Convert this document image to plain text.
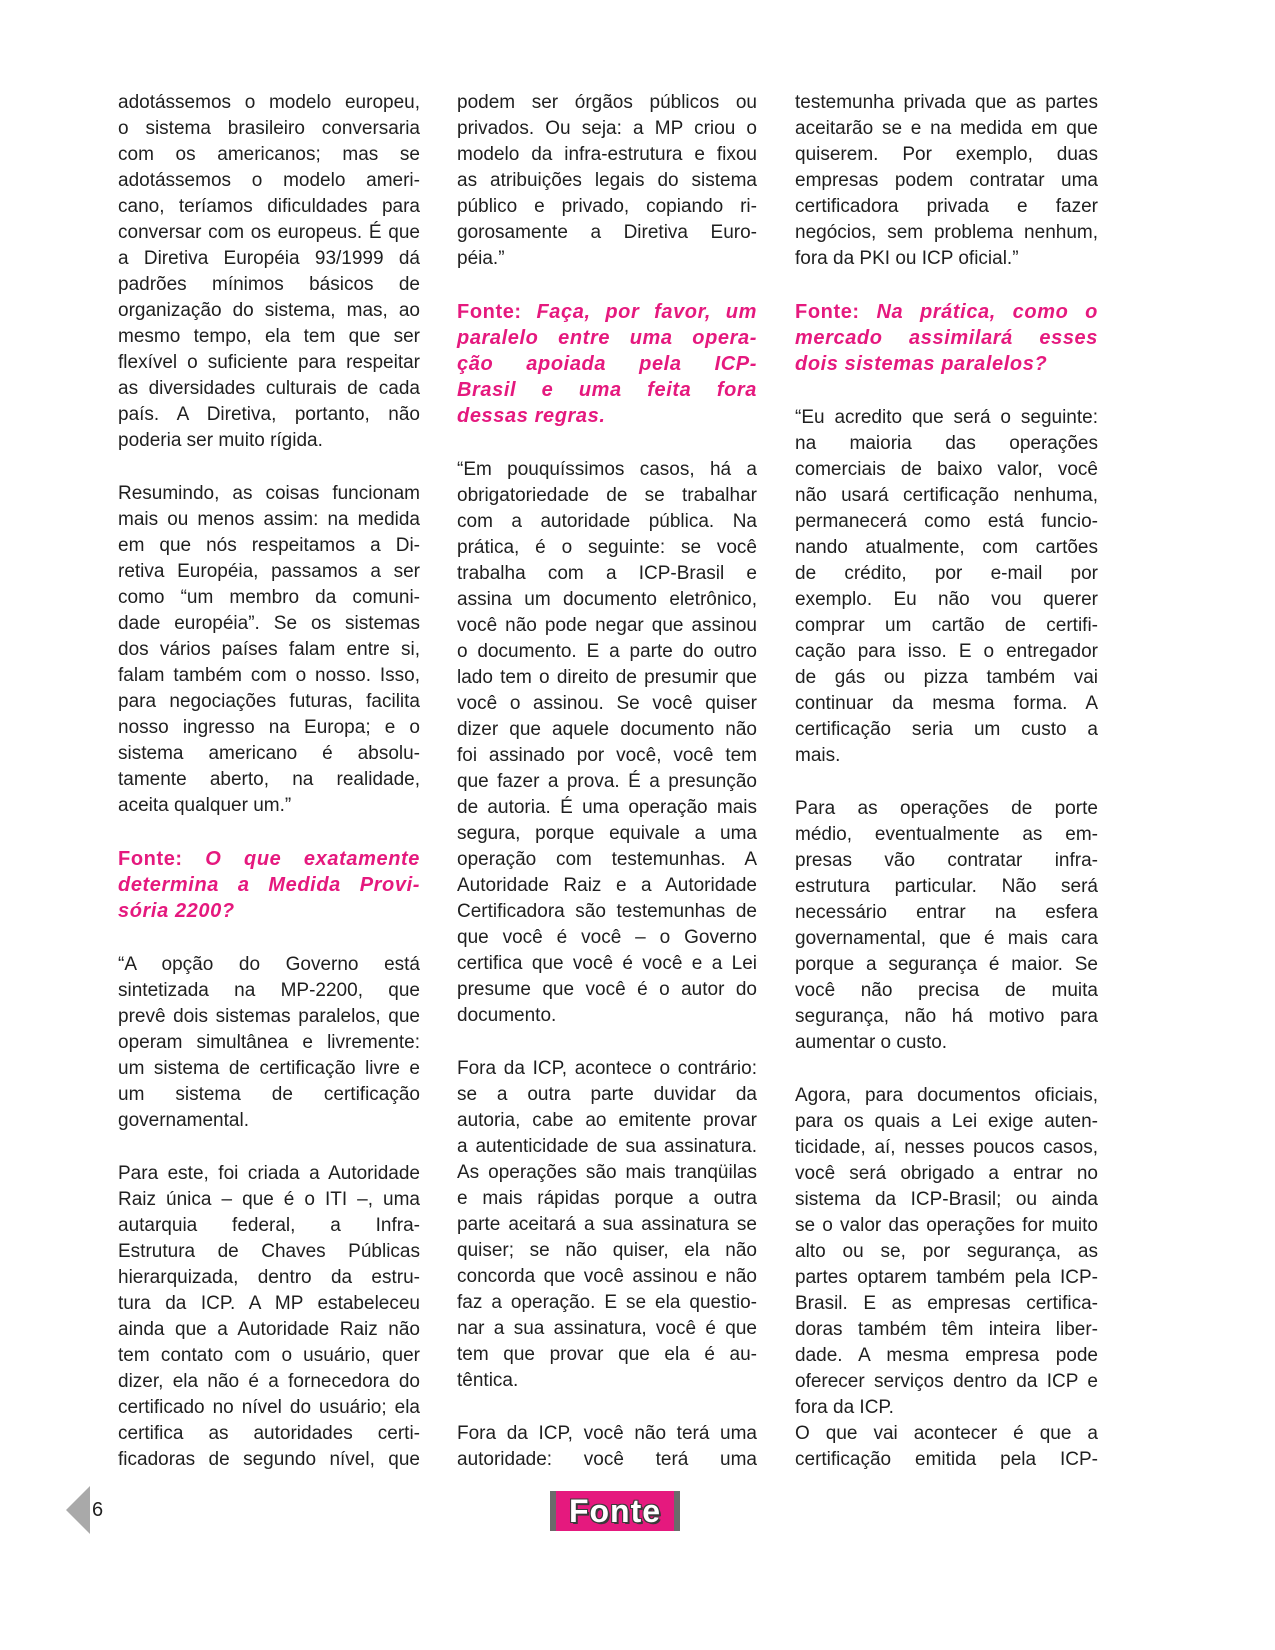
adotássemos o modelo europeu,
o sistema brasileiro conversaria
com os americanos; mas se
adotássemos o modelo ameri-
cano, teríamos dificuldades para
conversar com os europeus. É que
a Diretiva Européia 93/1999 dá
padrões mínimos básicos de
organização do sistema, mas, ao
mesmo tempo, ela tem que ser
flexível o suficiente para respeitar
as diversidades culturais de cada
país. A Diretiva, portanto, não
poderia ser muito rígida.
Resumindo, as coisas funcionam
mais ou menos assim: na medida
em que nós respeitamos a Di-
retiva Européia, passamos a ser
como “um membro da comuni-
dade européia”. Se os sistemas
dos vários países falam entre si,
falam também com o nosso. Isso,
para negociações futuras, facilita
nosso ingresso na Europa; e o
sistema americano é absolu-
tamente aberto, na realidade,
aceita qualquer um.”
Fonte: O que exatamente
determina a Medida Provi-
sória 2200?
“A opção do Governo está
sintetizada na MP-2200, que
prevê dois sistemas paralelos, que
operam simultânea e livremente:
um sistema de certificação livre e
um sistema de certificação
governamental.
Para este, foi criada a Autoridade
Raiz única – que é o ITI –, uma
autarquia federal, a Infra-
Estrutura de Chaves Públicas
hierarquizada, dentro da estru-
tura da ICP. A MP estabeleceu
ainda que a Autoridade Raiz não
tem contato com o usuário, quer
dizer, ela não é a fornecedora do
certificado no nível do usuário; ela
certifica as autoridades certi-
ficadoras de segundo nível, que
podem ser órgãos públicos ou
privados. Ou seja: a MP criou o
modelo da infra-estrutura e fixou
as atribuições legais do sistema
público e privado, copiando ri-
gorosamente a Diretiva Euro-
péia.”
Fonte: Faça, por favor, um
paralelo entre uma opera-
ção apoiada pela ICP-
Brasil e uma feita fora
dessas regras.
“Em pouquíssimos casos, há a
obrigatoriedade de se trabalhar
com a autoridade pública. Na
prática, é o seguinte: se você
trabalha com a ICP-Brasil e
assina um documento eletrônico,
você não pode negar que assinou
o documento. E a parte do outro
lado tem o direito de presumir que
você o assinou. Se você quiser
dizer que aquele documento não
foi assinado por você, você tem
que fazer a prova. É a presunção
de autoria. É uma operação mais
segura, porque equivale a uma
operação com testemunhas. A
Autoridade Raiz e a Autoridade
Certificadora são testemunhas de
que você é você – o Governo
certifica que você é você e a Lei
presume que você é o autor do
documento.
Fora da ICP, acontece o contrário:
se a outra parte duvidar da
autoria, cabe ao emitente provar
a autenticidade de sua assinatura.
As operações são mais tranqüilas
e mais rápidas porque a outra
parte aceitará a sua assinatura se
quiser; se não quiser, ela não
concorda que você assinou e não
faz a operação. E se ela questio-
nar a sua assinatura, você é que
tem que provar que ela é au-
têntica.
Fora da ICP, você não terá uma
autoridade: você terá uma
testemunha privada que as partes
aceitarão se e na medida em que
quiserem. Por exemplo, duas
empresas podem contratar uma
certificadora privada e fazer
negócios, sem problema nenhum,
fora da PKI ou ICP oficial.”
Fonte: Na prática, como o
mercado assimilará esses
dois sistemas paralelos?
“Eu acredito que será o seguinte:
na maioria das operações
comerciais de baixo valor, você
não usará certificação nenhuma,
permanecerá como está funcio-
nando atualmente, com cartões
de crédito, por e-mail por
exemplo. Eu não vou querer
comprar um cartão de certifi-
cação para isso. E o entregador
de gás ou pizza também vai
continuar da mesma forma. A
certificação seria um custo a
mais.
Para as operações de porte
médio, eventualmente as em-
presas vão contratar infra-
estrutura particular. Não será
necessário entrar na esfera
governamental, que é mais cara
porque a segurança é maior. Se
você não precisa de muita
segurança, não há motivo para
aumentar o custo.
Agora, para documentos oficiais,
para os quais a Lei exige auten-
ticidade, aí, nesses poucos casos,
você será obrigado a entrar no
sistema da ICP-Brasil; ou ainda
se o valor das operações for muito
alto ou se, por segurança, as
partes optarem também pela ICP-
Brasil. E as empresas certifica-
doras também têm inteira liber-
dade. A mesma empresa pode
oferecer serviços dentro da ICP e
fora da ICP.
O que vai acontecer é que a
certificação emitida pela ICP-
6	Fonte
